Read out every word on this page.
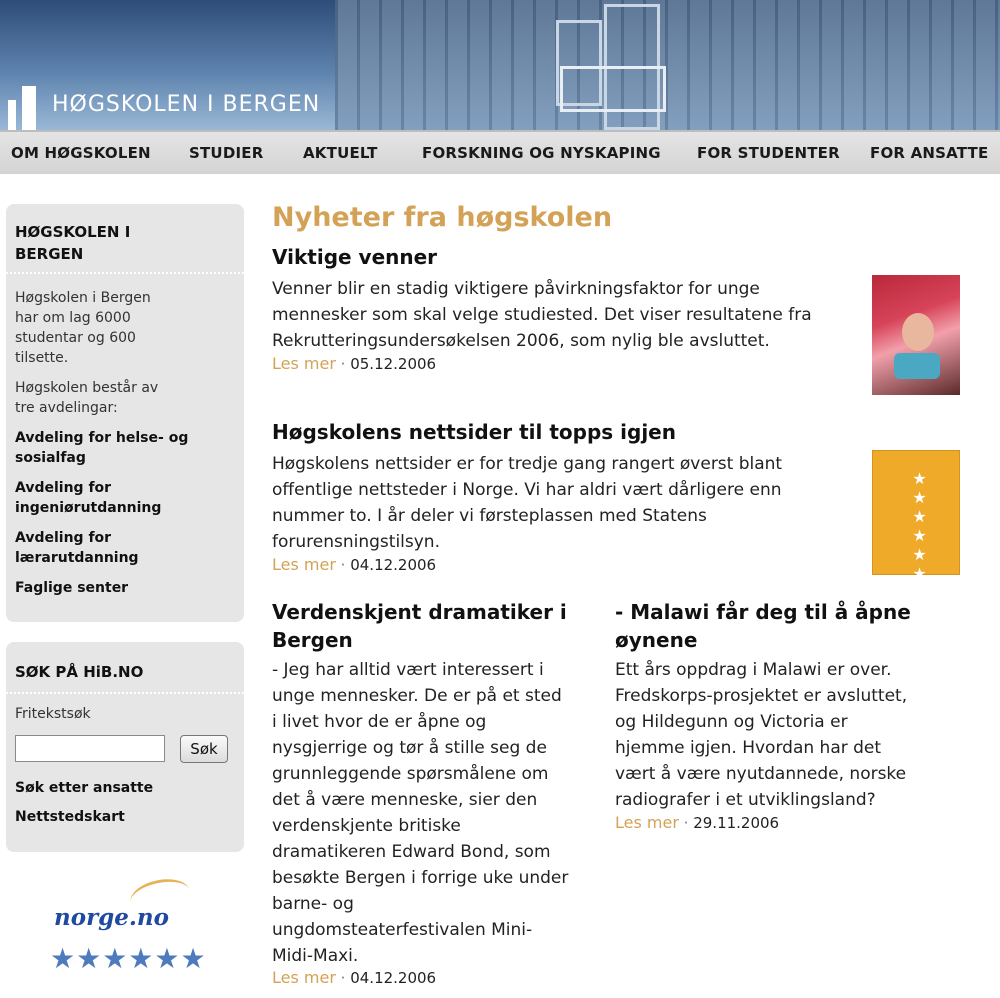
HØGSKOLEN I BERGEN
OM HØGSKOLEN	STUDIER	AKTUELT	FORSKNING OG NYSKAPING FOR STUDENTER FOR ANSATTE
HØGSKOLEN I
BERGEN
Høgskolen i Bergen
har om lag 6000
studentar og 600
tilsette.
Høgskolen består av
tre avdelingar:
Avdeling for helse- og
sosialfag
Avdeling for
ingeniørutdanning
Avdeling for
lærarutdanning
Faglige senter
SØK PÅ HiB.NO
Fritekstsøk
Søk
Søk etter ansatte
Nettstedskart
norge.no
★★★★★★
Nyheter fra høgskolen
Viktige venner
Venner blir en stadig viktigere påvirkningsfaktor for unge
mennesker som skal velge studiested. Det viser resultatene fra
Rekrutteringsundersøkelsen 2006, som nylig ble avsluttet.
Les mer · 05.12.2006
Høgskolens nettsider til topps igjen
Høgskolens nettsider er for tredje gang rangert øverst blant
offentlige nettsteder i Norge. Vi har aldri vært dårligere enn
nummer to. I år deler vi førsteplassen med Statens
forurensningstilsyn.
Les mer · 04.12.2006	★★★★★★ kvalitet 06
Verdenskjent dramatiker i
Bergen
- Jeg har alltid vært interessert i
unge mennesker. De er på et sted
i livet hvor de er åpne og
nysgjerrige og tør å stille seg de
grunnleggende spørsmålene om
det å være menneske, sier den
verdenskjente britiske
dramatikeren Edward Bond, som
besøkte Bergen i forrige uke under
barne- og
ungdomsteaterfestivalen Mini-
Midi-Maxi.
Les mer · 04.12.2006
- Malawi får deg til å åpne
øynene
Ett års oppdrag i Malawi er over.
Fredskorps-prosjektet er avsluttet,
og Hildegunn og Victoria er
hjemme igjen. Hvordan har det
vært å være nyutdannede, norske
radiografer i et utviklingsland?
Les mer · 29.11.2006
